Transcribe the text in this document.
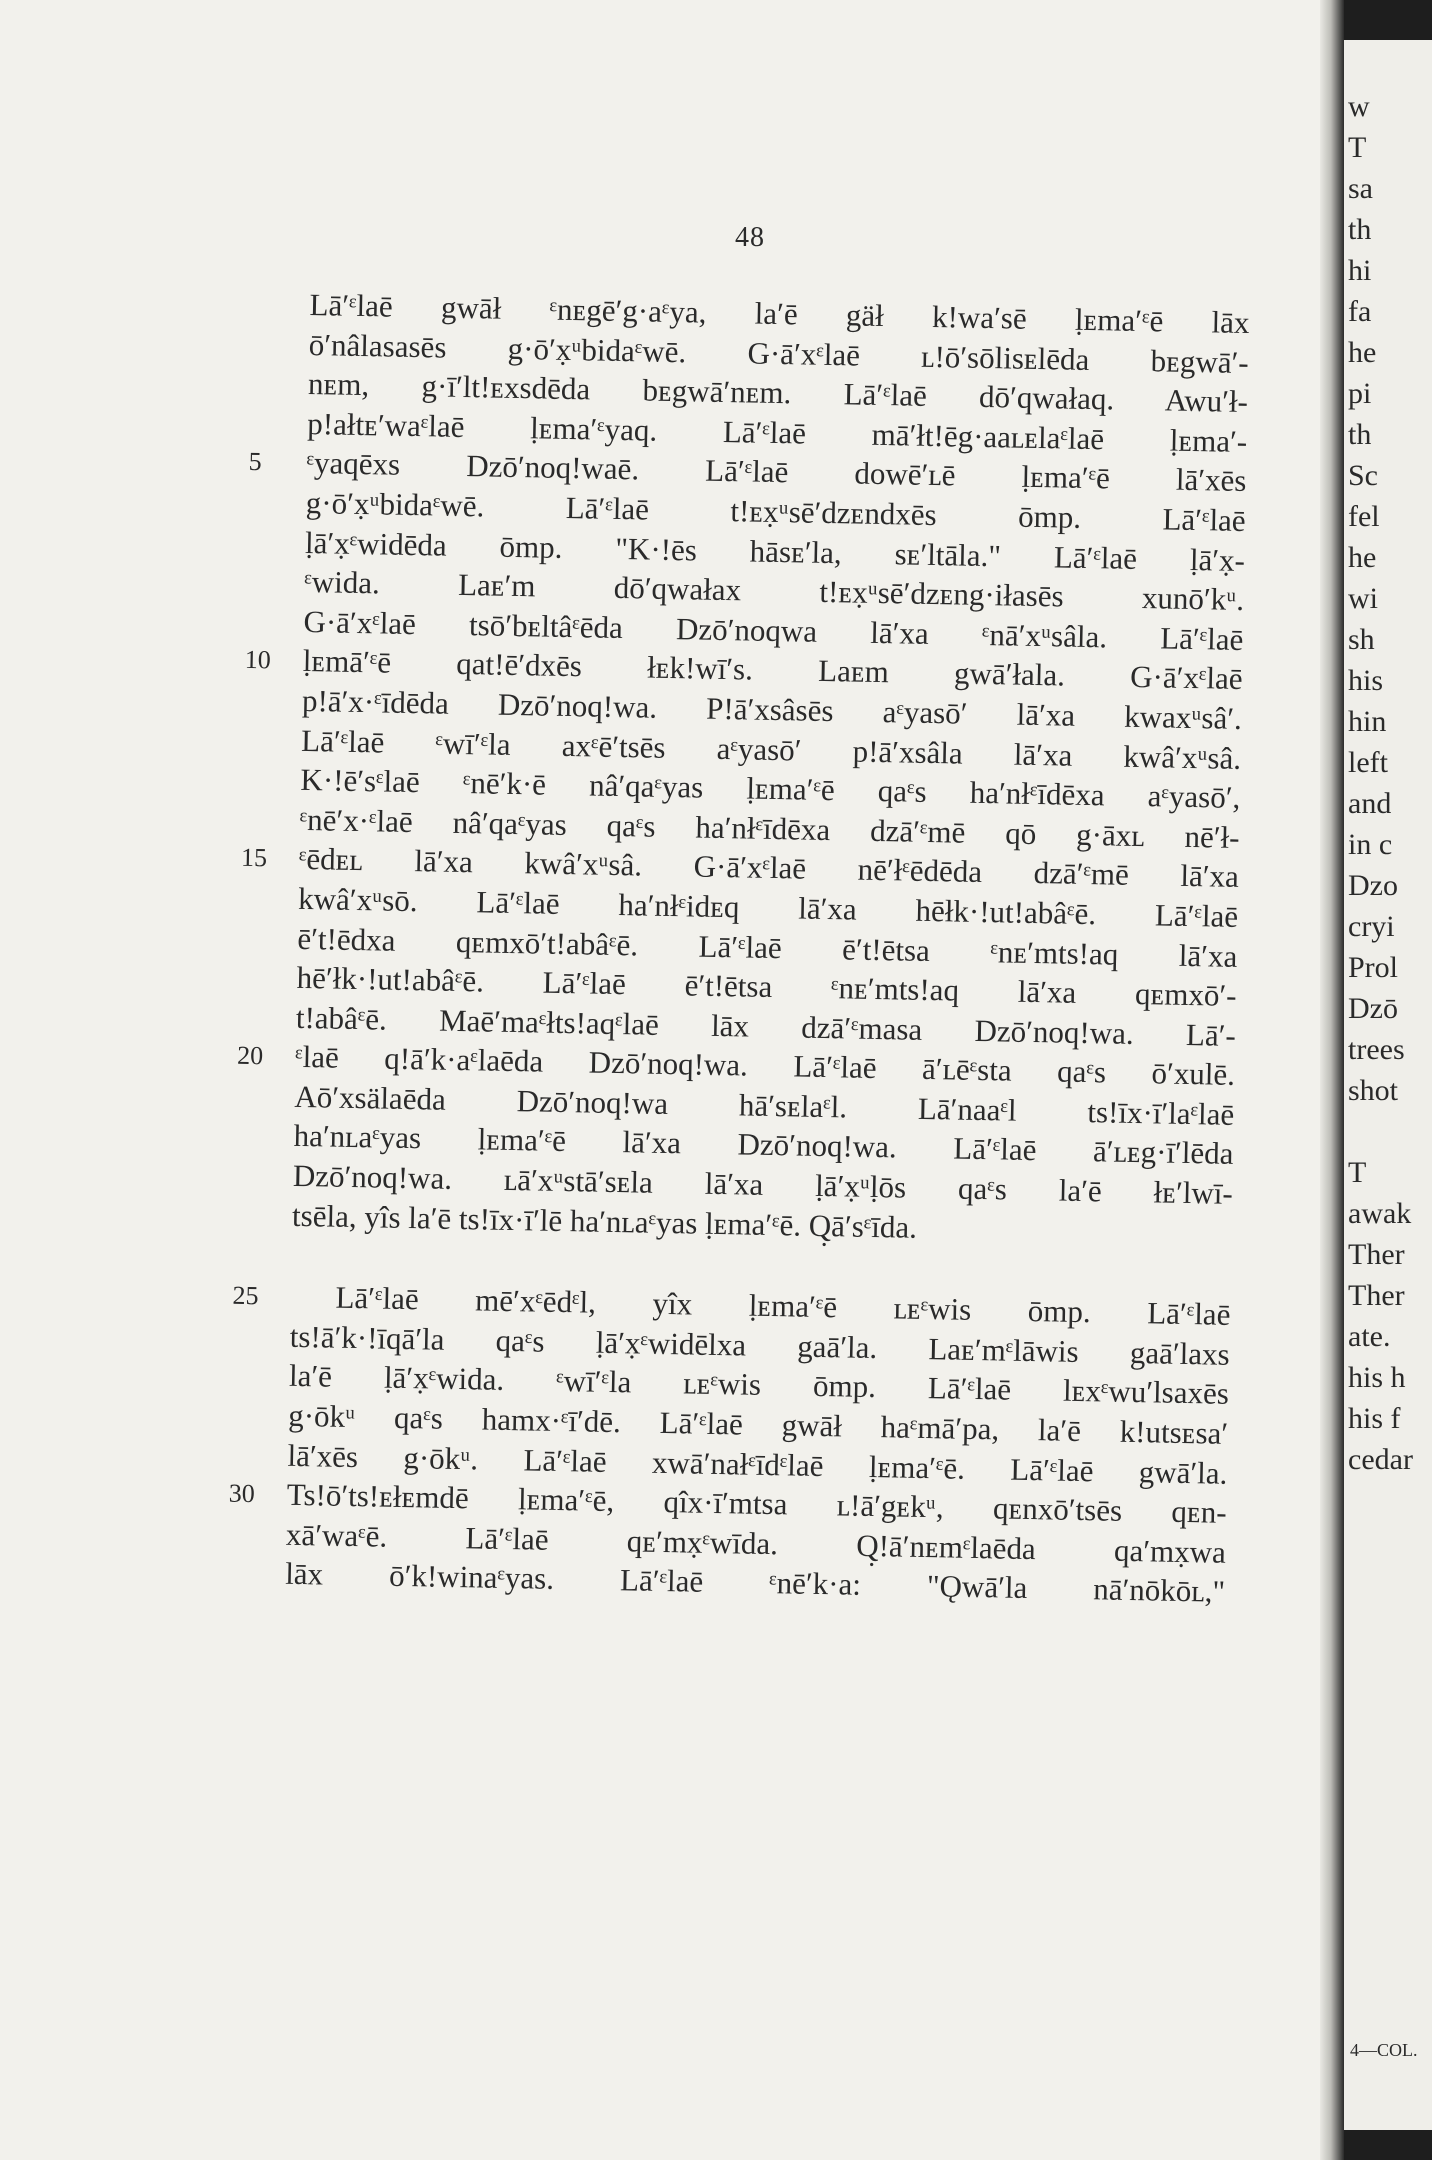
48
Lā′ᵋlaē gwāł ᵋnᴇgē′g·aᵋya, la′ē gäł k!wa′sē ḷᴇma′ᵋē lāx
ō′nâlasasēs g·ō′x̣ᵘbidaᵋwē. G·ā′xᵋlaē ʟ!ō′sōlisᴇlēda bᴇgwā′-
nᴇm, g·ī′lt!ᴇxsdēda bᴇgwā′nᴇm. Lā′ᵋlaē dō′qwałaq. Awu′ł-
p!ałtᴇ′waᵋlaē ḷᴇma′ᵋyaq. Lā′ᵋlaē mā′łt!ēg·aaʟᴇlaᵋlaē ḷᴇma′-
5 ᵋyaqēxs Dzō′noq!waē. Lā′ᵋlaē dowē′ʟē ḷᴇma′ᵋē lā′xēs
g·ō′x̣ᵘbidaᵋwē. Lā′ᵋlaē t!ᴇx̣ᵘsē′dzᴇndxēs ōmp. Lā′ᵋlaē
ḷā′x̣ᵋwidēda ōmp. "K·!ēs hāsᴇ′la, sᴇ′ltāla." Lā′ᵋlaē ḷā′x̣-
ᵋwida. Laᴇ′m dō′qwałax t!ᴇx̣ᵘsē′dzᴇng·iłasēs xunō′kᵘ.
G·ā′xᵋlaē tsō′bᴇltâᵋēda Dzō′noqwa lā′xa ᵋnā′xᵘsâla. Lā′ᵋlaē
10 ḷᴇmā′ᵋē qat!ē′dxēs łᴇk!wī′s. Laᴇm gwā′łala. G·ā′xᵋlaē
p!ā′x·ᵋīdēda Dzō′noq!wa. P!ā′xsâsēs aᵋyasō′ lā′xa kwaxᵘsâ′.
Lā′ᵋlaē ᵋwī′ᵋla axᵋē′tsēs aᵋyasō′ p!ā′xsâla lā′xa kwâ′xᵘsâ.
K·!ē′sᵋlaē ᵋnē′k·ē nâ′qaᵋyas ḷᴇma′ᵋē qaᵋs ha′nłᵋīdēxa aᵋyasō′,
ᵋnē′x·ᵋlaē nâ′qaᵋyas qaᵋs ha′nłᵋīdēxa dzā′ᵋmē qō g·āxʟ nē′ł-
15 ᵋēdᴇʟ lā′xa kwâ′xᵘsâ. G·ā′xᵋlaē nē′łᵋēdēda dzā′ᵋmē lā′xa
kwâ′xᵘsō. Lā′ᵋlaē ha′nłᵋidᴇq lā′xa hēłk·!ut!abâᵋē. Lā′ᵋlaē
ē′t!ēdxa qᴇmxō′t!abâᵋē. Lā′ᵋlaē ē′t!ētsa ᵋnᴇ′mts!aq lā′xa
hē′łk·!ut!abâᵋē. Lā′ᵋlaē ē′t!ētsa ᵋnᴇ′mts!aq lā′xa qᴇmxō′-
t!abâᵋē. Maē′maᵋłts!aqᵋlaē lāx dzā′ᵋmasa Dzō′noq!wa. Lā′-
20 ᵋlaē q!ā′k·aᵋlaēda Dzō′noq!wa. Lā′ᵋlaē ā′ʟēᵋsta qaᵋs ō′xulē.
Aō′xsälaēda Dzō′noq!wa hā′sᴇlaᵋl. Lā′naaᵋl ts!īx·ī′laᵋlaē
ha′nʟaᵋyas ḷᴇma′ᵋē lā′xa Dzō′noq!wa. Lā′ᵋlaē ā′ʟᴇg·ī′lēda
Dzō′noq!wa. ʟā′xᵘstā′sᴇla lā′xa ḷā′x̣ᵘḷōs qaᵋs la′ē łᴇ′lwī-
tsēla, yîs la′ē ts!īx·ī′lē ha′nʟaᵋyas ḷᴇma′ᵋē. Q̣ā′sᵋīda.
25 Lā′ᵋlaē mē′xᵋēdᵋl, yîx ḷᴇma′ᵋē ʟᴇᵋwis ōmp. Lā′ᵋlaē
ts!ā′k·!īqā′la qaᵋs ḷā′x̣ᵋwidēlxa gaā′la. Laᴇ′mᵋlāwis gaā′laxs
la′ē ḷā′x̣ᵋwida. ᵋwī′ᵋla ʟᴇᵋwis ōmp. Lā′ᵋlaē lᴇxᵋwu′lsaxēs
g·ōkᵘ qaᵋs hamx·ᵋī′dē. Lā′ᵋlaē gwāł haᵋmā′pa, la′ē k!utsᴇsa′
lā′xēs g·ōkᵘ. Lā′ᵋlaē xwā′nałᵋīdᵋlaē ḷᴇma′ᵋē. Lā′ᵋlaē gwā′la.
30 Ts!ō′ts!ᴇłᴇmdē ḷᴇma′ᵋē, qîx·ī′mtsa ʟ!ā′gᴇkᵘ, qᴇnxō′tsēs qᴇn-
xā′waᵋē. Lā′ᵋlaē qᴇ′mx̣ᵋwīda. Q̣!ā′nᴇmᵋlaēda qa′mx̣wa
lāx ō′k!winaᵋyas. Lā′ᵋlaē ᵋnē′k·a: "Ǫwā′la nā′nōkōʟ,"
w
T
sa
th
hi
fa
he
pi
th
Sc
fel
he
wi
sh
his
hin
left
and
in c
Dzo
cryi
Prol
Dzō
trees
shot
T
awak
Ther
Ther
ate.
his h
his f
cedar
4—COL.
